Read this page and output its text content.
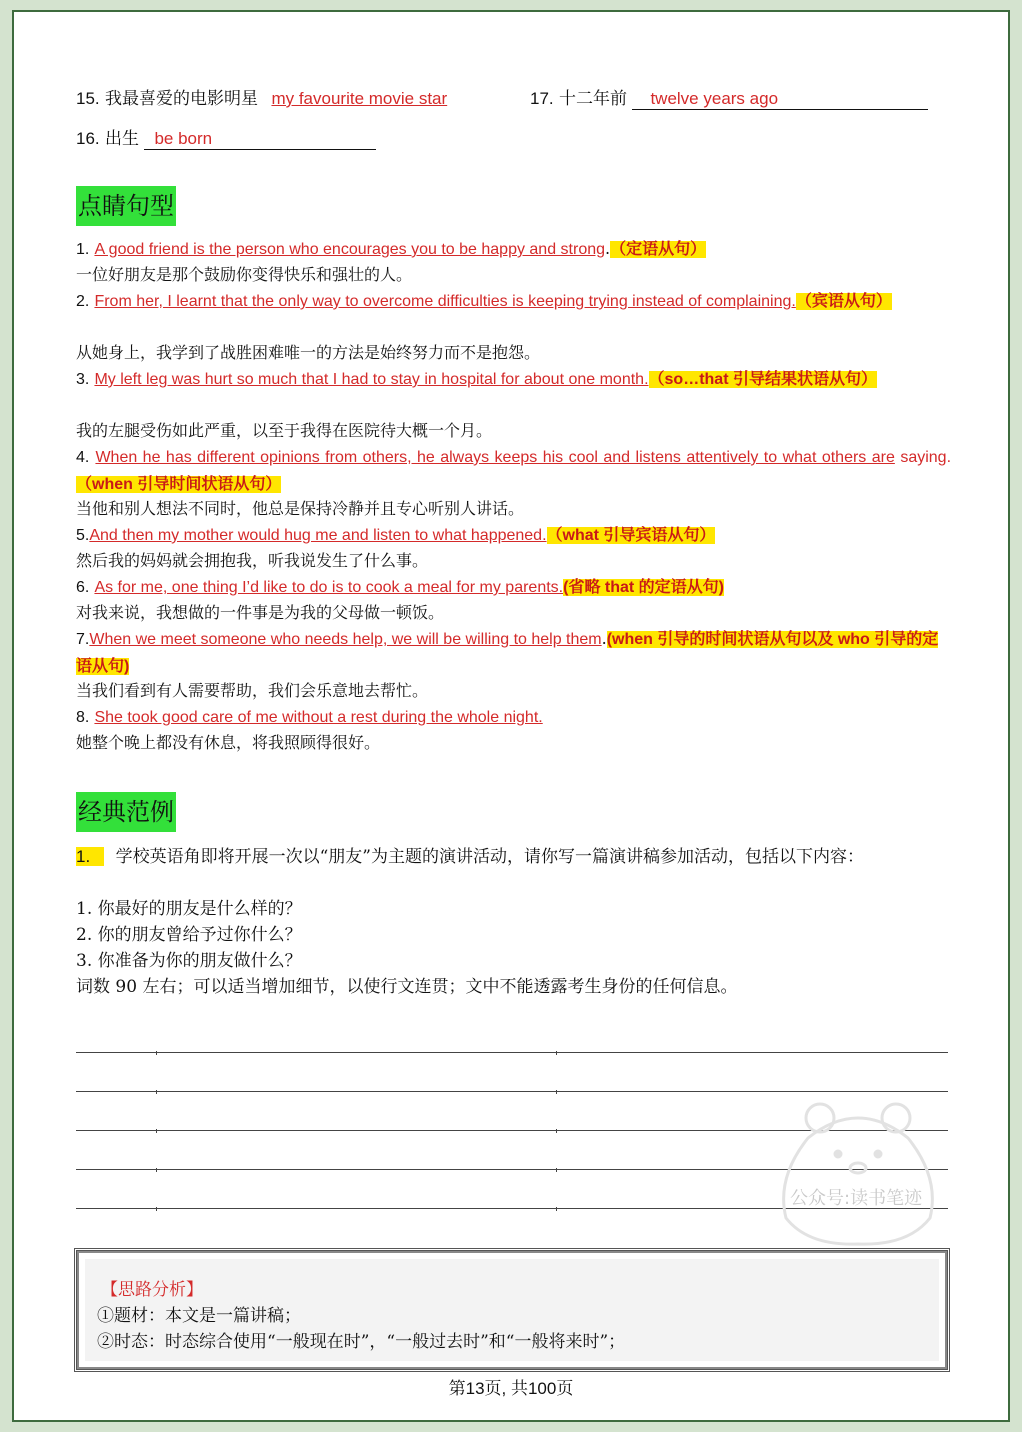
15. 我最喜爱的电影明星 my favourite movie star	17. 十二年前 twelve years ago
16. 出生 be born
点睛句型
1. A good friend is the person who encourages you to be happy and strong.（定语从句）
一位好朋友是那个鼓励你变得快乐和强壮的人。
2. From her, I learnt that the only way to overcome difficulties is keeping trying instead of complaining.（宾语从句）
从她身上，我学到了战胜困难唯一的方法是始终努力而不是抱怨。
3. My left leg was hurt so much that I had to stay in hospital for about one month.（so…that 引导结果状语从句）
我的左腿受伤如此严重，以至于我得在医院待大概一个月。
4. When he has different opinions from others, he always keeps his cool and listens attentively to what others are saying.（when 引导时间状语从句）
当他和别人想法不同时，他总是保持冷静并且专心听别人讲话。
5.And then my mother would hug me and listen to what happened.（what 引导宾语从句）
然后我的妈妈就会拥抱我，听我说发生了什么事。
6. As for me, one thing I’d like to do is to cook a meal for my parents.(省略 that 的定语从句)
对我来说，我想做的一件事是为我的父母做一顿饭。
7.When we meet someone who needs help, we will be willing to help them.(when 引导的时间状语从句以及 who 引导的定语从句)
当我们看到有人需要帮助，我们会乐意地去帮忙。
8. She took good care of me without a rest during the whole night.
她整个晚上都没有休息，将我照顾得很好。
经典范例
1. 学校英语角即将开展一次以“朋友”为主题的演讲活动，请你写一篇演讲稿参加活动，包括以下内容：
1. 你最好的朋友是什么样的？
2. 你的朋友曾给予过你什么？
3. 你准备为你的朋友做什么？
词数 90 左右；可以适当增加细节，以使行文连贯；文中不能透露考生身份的任何信息。
公众号:读书笔迹
【思路分析】
①题材：本文是一篇讲稿；
②时态：时态综合使用“一般现在时”，“一般过去时”和“一般将来时”；
第13页, 共100页
